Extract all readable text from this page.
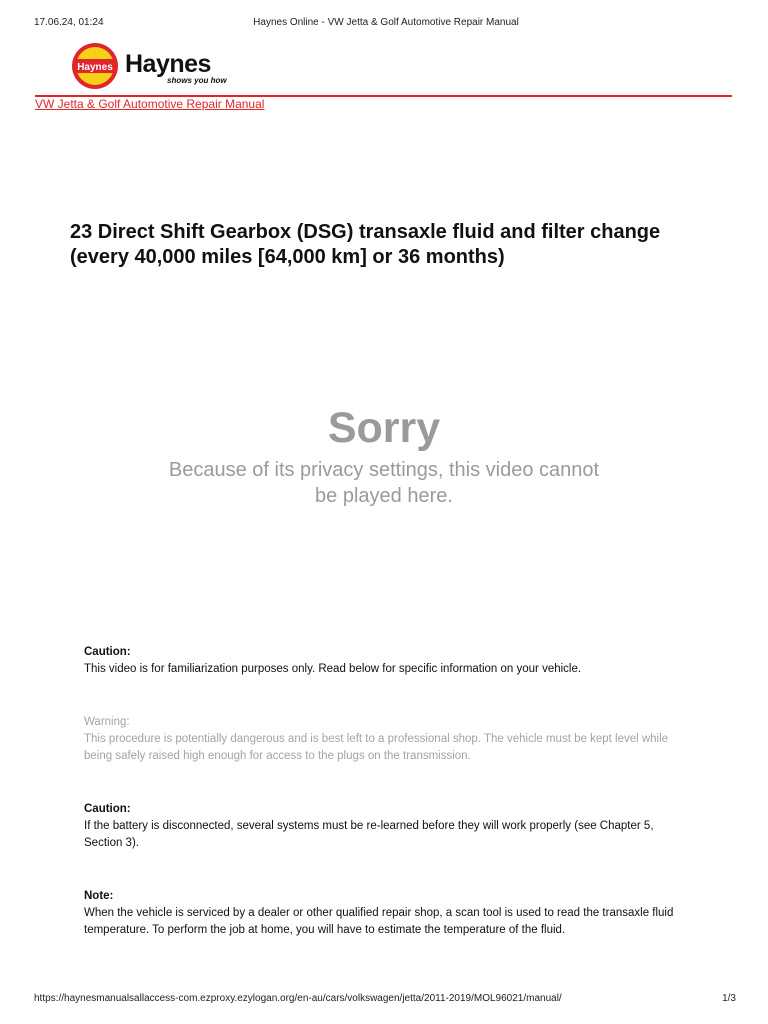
17.06.24, 01:24	Haynes Online - VW Jetta & Golf Automotive Repair Manual
Haynes Haynes
shows you how
VW Jetta & Golf Automotive Repair Manual
23 Direct Shift Gearbox (DSG) transaxle fluid and filter change (every 40,000 miles [64,000 km] or 36 months)
Sorry
Because of its privacy settings, this video cannot be played here.
Caution:
This video is for familiarization purposes only. Read below for specific information on your vehicle.
Warning:
This procedure is potentially dangerous and is best left to a professional shop. The vehicle must be kept level while being safely raised high enough for access to the plugs on the transmission.
Caution:
If the battery is disconnected, several systems must be re-learned before they will work properly (see Chapter 5, Section 3).
Note:
When the vehicle is serviced by a dealer or other qualified repair shop, a scan tool is used to read the transaxle fluid temperature. To perform the job at home, you will have to estimate the temperature of the fluid.
https://haynesmanualsallaccess-com.ezproxy.ezylogan.org/en-au/cars/volkswagen/jetta/2011-2019/MOL96021/manual/	1/3
